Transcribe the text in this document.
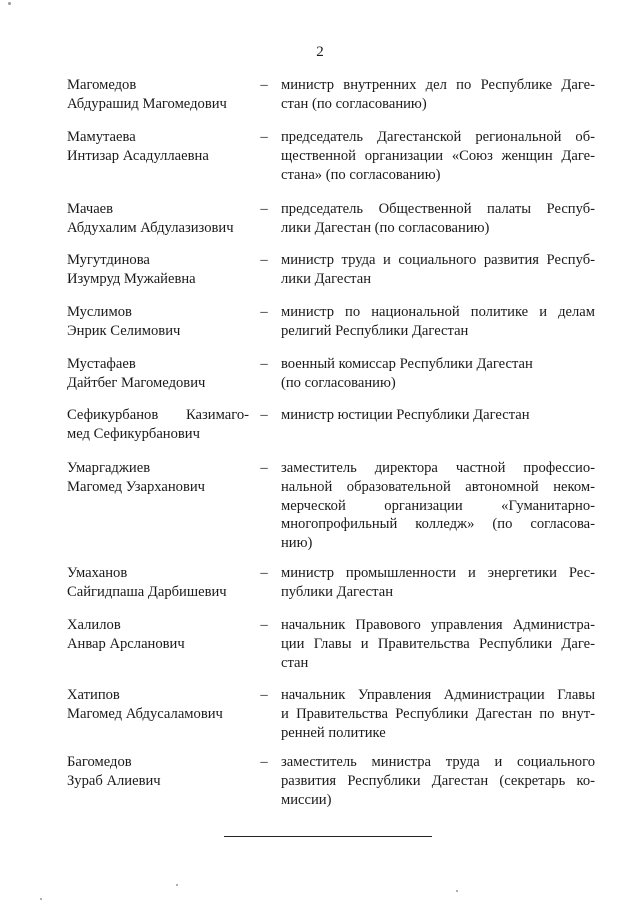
2
Магомедов
Абдурашид Магомедович
– министр внутренних дел по Республике Даге-
стан (по согласованию)
Мамутаева
Интизар Асадуллаевна
– председатель Дагестанской региональной об-
щественной организации «Союз женщин Даге-
стана» (по согласованию)
Мачаев
Абдухалим Абдулазизович
– председатель Общественной палаты Респуб-
лики Дагестан (по согласованию)
Мугутдинова
Изумруд Мужайевна
– министр труда и социального развития Респуб-
лики Дагестан
Муслимов
Энрик Селимович
– министр по национальной политике и делам
религий Республики Дагестан
Мустафаев
Дайтбег Магомедович
– военный комиссар Республики Дагестан
(по согласованию)
Сефикурбанов Казимаго-
мед Сефикурбанович
– министр юстиции Республики Дагестан
Умаргаджиев
Магомед Узарханович
– заместитель директора частной профессио-
нальной образовательной автономной неком-
мерческой организации «Гуманитарно-
многопрофильный колледж» (по согласова-
нию)
Умаханов
Сайгидпаша Дарбишевич
– министр промышленности и энергетики Рес-
публики Дагестан
Халилов
Анвар Арсланович
– начальник Правового управления Администра-
ции Главы и Правительства Республики Даге-
стан
Хатипов
Магомед Абдусаламович
– начальник Управления Администрации Главы
и Правительства Республики Дагестан по внут-
ренней политике
Багомедов
Зураб Алиевич
– заместитель министра труда и социального
развития Республики Дагестан (секретарь ко-
миссии)
